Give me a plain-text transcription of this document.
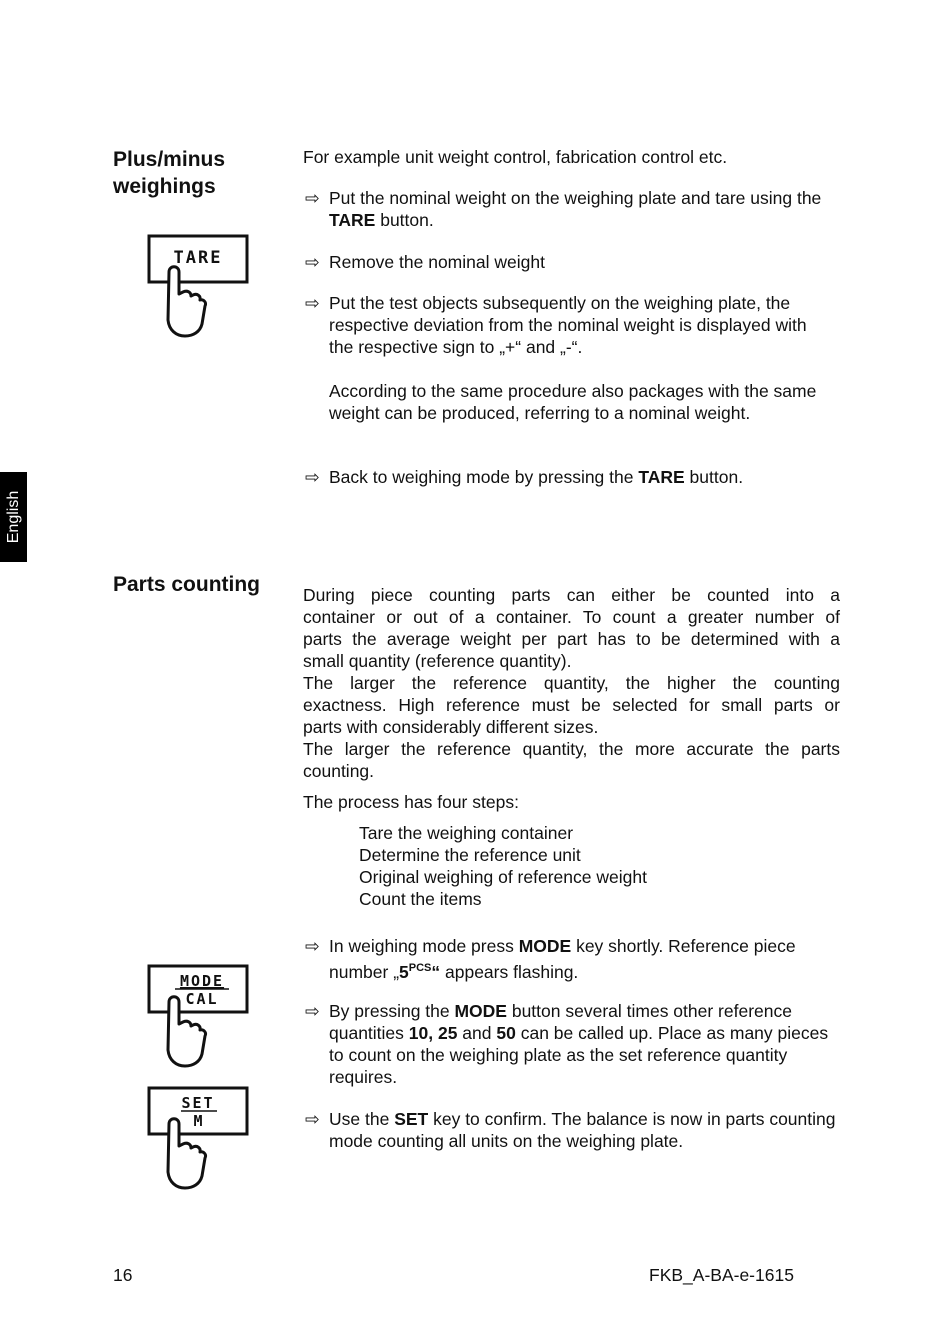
English
Plus/minus
weighings
For example unit weight control, fabrication control etc.
⇨ Put the nominal weight on the weighing plate and tare using the TARE button.
⇨ Remove the nominal weight
⇨ Put the test objects subsequently on the weighing plate, the respective deviation from the nominal weight is displayed with the respective sign to „+“ and „-“.
According to the same procedure also packages with the same weight can be produced, referring to a nominal weight.
⇨ Back to weighing mode by pressing the TARE button.
TARE
Parts counting During piece counting parts can either be counted into a
container or out of a container. To count a greater number of
parts the average weight per part has to be determined with a
small quantity (reference quantity).
The larger the reference quantity, the higher the counting
exactness. High reference must be selected for small parts or
parts with considerably different sizes.
The larger the reference quantity, the more accurate the parts
counting.
The process has four steps:
Tare the weighing container
Determine the reference unit
Original weighing of reference weight
Count the items
⇨ In weighing mode press MODE key shortly. Reference piece number $„5^{PCS}“$ appears flashing.
⇨ By pressing the MODE button several times other reference quantities 10, 25 and 50 can be called up. Place as many pieces to count on the weighing plate as the set reference quantity requires.
⇨ Use the SET key to confirm. The balance is now in parts counting mode counting all units on the weighing plate.
MODE
CAL
SET
M
16	FKB_A-BA-e-1615
